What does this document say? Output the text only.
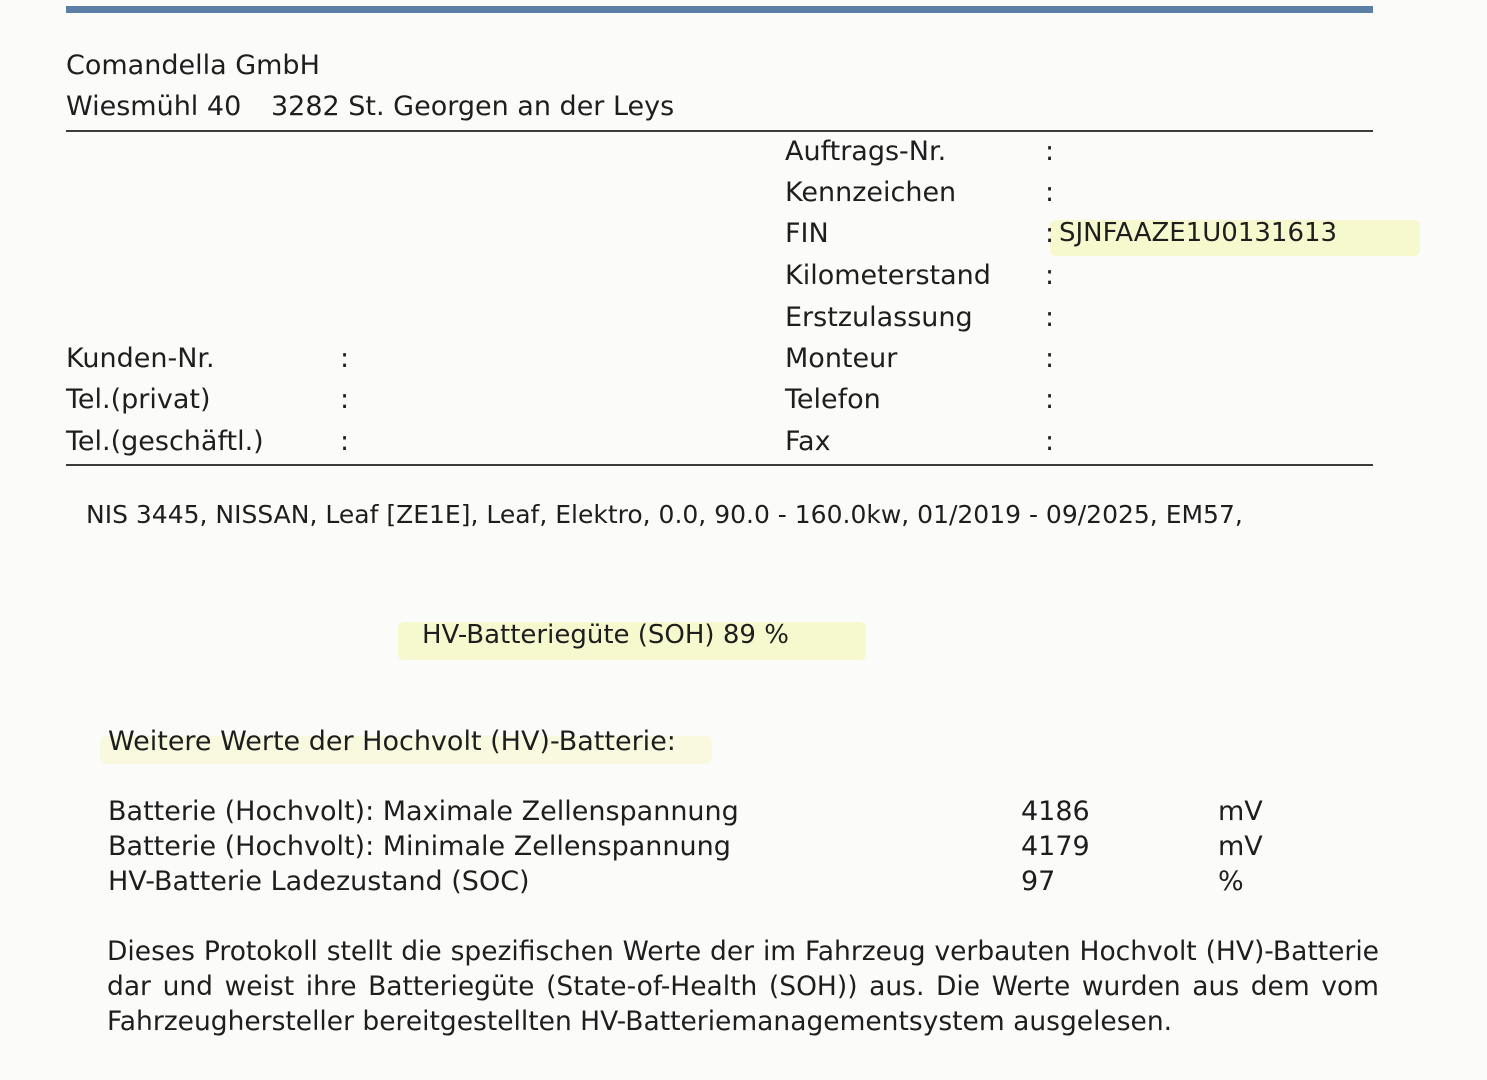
Comandella GmbH
Wiesmühl 40 3282 St. Georgen an der Leys
Auftrags-Nr.	:
Kennzeichen	:
FIN	: SJNFAAZE1U0131613
Kilometerstand :
Erstzulassung	:
Monteur	:
Telefon	:
Fax	:
Kunden-Nr.	:
Tel.(privat)	:
Tel.(geschäftl.)	:
NIS 3445, NISSAN, Leaf [ZE1E], Leaf, Elektro, 0.0, 90.0 - 160.0kw, 01/2019 - 09/2025, EM57,
HV-Batteriegüte (SOH) 89 %
Weitere Werte der Hochvolt (HV)-Batterie:
Batterie (Hochvolt): Maximale Zellenspannung	4186	mV
Batterie (Hochvolt): Minimale Zellenspannung	4179	mV
HV-Batterie Ladezustand (SOC)	97	%
Dieses Protokoll stellt die spezifischen Werte der im Fahrzeug verbauten Hochvolt (HV)-Batterie dar und weist ihre Batteriegüte (State-of-Health (SOH)) aus. Die Werte wurden aus dem vom Fahrzeughersteller bereitgestellten HV-Batteriemanagementsystem ausgelesen.
